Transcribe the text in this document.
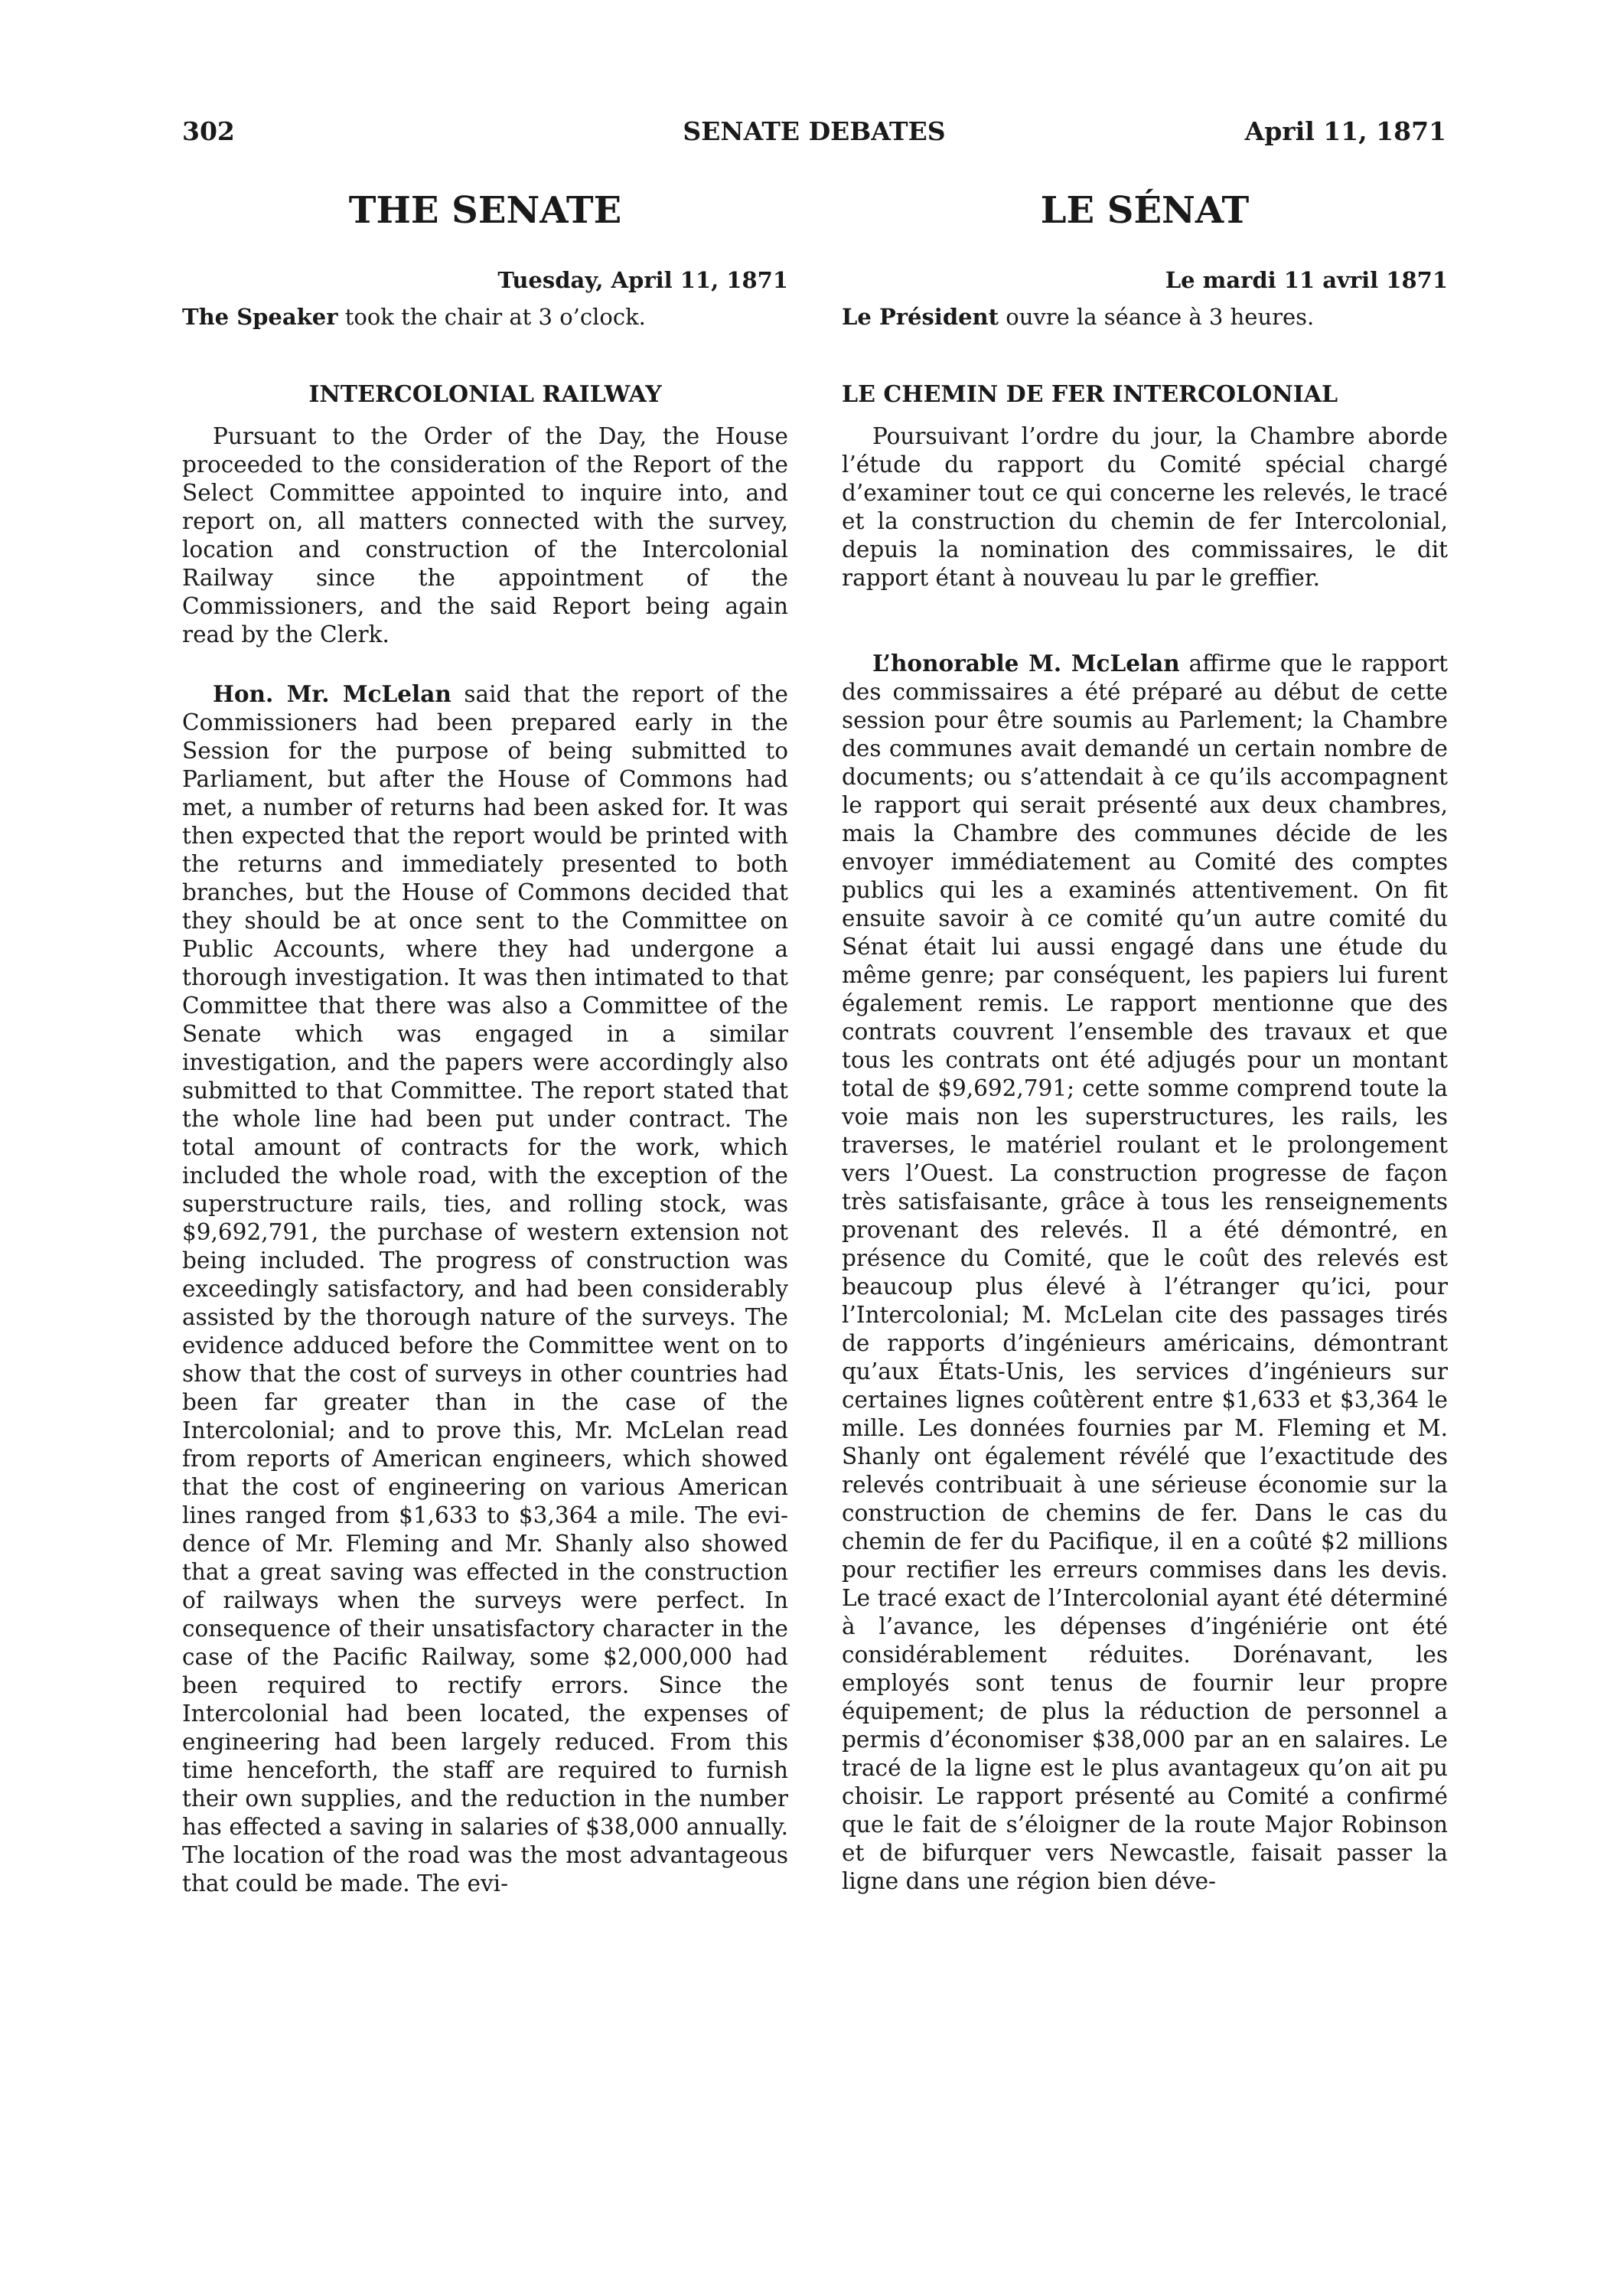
302	SENATE DEBATES	April 11, 1871
THE SENATE
Tuesday, April 11, 1871

The Speaker took the chair at 3 o’clock.

INTERCOLONIAL RAILWAY

Pursuant to the Order of the Day, the House proceeded to the consideration of the Report of the Select Committee appointed to inquire into, and report on, all matters connected with the survey, location and construction of the Intercolonial Railway since the appointment of the Commissioners, and the said Report being again read by the Clerk.

Hon. Mr. McLelan said that the report of the Commissioners had been prepared early in the Session for the purpose of being submitted to Parliament, but after the House of Commons had met, a number of returns had been asked for. It was then expected that the report would be printed with the returns and immediately presented to both branches, but the House of Commons decided that they should be at once sent to the Committee on Public Accounts, where they had undergone a thorough investigation. It was then intimated to that Committee that there was also a Committee of the Senate which was engaged in a similar investigation, and the papers were accordingly also submitted to that Committee. The report stated that the whole line had been put under contract. The total amount of contracts for the work, which included the whole road, with the exception of the superstructure rails, ties, and rolling stock, was $9,692,791, the purchase of western extension not being included. The progress of construction was exceedingly satisfactory, and had been considerably assisted by the thorough nature of the surveys. The evidence adduced before the Committee went on to show that the cost of surveys in other countries had been far greater than in the case of the Intercolonial; and to prove this, Mr. McLelan read from reports of American engineers, which showed that the cost of engineering on various American lines ranged from $1,633 to $3,364 a mile. The evidence of Mr. Fleming and Mr. Shanly also showed that a great saving was effected in the construction of railways when the surveys were perfect. In consequence of their unsatisfactory character in the case of the Pacific Railway, some $2,000,000 had been required to rectify errors. Since the Intercolonial had been located, the expenses of engineering had been largely reduced. From this time henceforth, the staff are required to furnish their own supplies, and the reduction in the number has effected a saving in salaries of $38,000 annually. The location of the road was the most advantageous that could be made. The evi-

LE SÉNAT
Le mardi 11 avril 1871

Le Président ouvre la séance à 3 heures.

LE CHEMIN DE FER INTERCOLONIAL

Poursuivant l’ordre du jour, la Chambre aborde l’étude du rapport du Comité spécial chargé d’examiner tout ce qui concerne les relevés, le tracé et la construction du chemin de fer Intercolonial, depuis la nomination des commissaires, le dit rapport étant à nouveau lu par le greffier.

L’honorable M. McLelan affirme que le rapport des commissaires a été préparé au début de cette session pour être soumis au Parlement; la Chambre des communes avait demandé un certain nombre de documents; ou s’attendait à ce qu’ils accompagnent le rapport qui serait présenté aux deux chambres, mais la Chambre des communes décide de les envoyer immédiatement au Comité des comptes publics qui les a examinés attentivement. On fit ensuite savoir à ce comité qu’un autre comité du Sénat était lui aussi engagé dans une étude du même genre; par conséquent, les papiers lui furent également remis. Le rapport mentionne que des contrats couvrent l’ensemble des travaux et que tous les contrats ont été adjugés pour un montant total de $9,692,791; cette somme comprend toute la voie mais non les superstructures, les rails, les traverses, le matériel roulant et le prolongement vers l’Ouest. La construction progresse de façon très satisfaisante, grâce à tous les renseignements provenant des relevés. Il a été démontré, en présence du Comité, que le coût des relevés est beaucoup plus élevé à l’étranger qu’ici, pour l’Intercolonial; M. McLelan cite des passages tirés de rapports d’ingénieurs américains, démontrant qu’aux États-Unis, les services d’ingénieurs sur certaines lignes coûtèrent entre $1,633 et $3,364 le mille. Les données fournies par M. Fleming et M. Shanly ont également révélé que l’exactitude des relevés contribuait à une sérieuse économie sur la construction de chemins de fer. Dans le cas du chemin de fer du Pacifique, il en a coûté $2 millions pour rectifier les erreurs commises dans les devis. Le tracé exact de l’Intercolonial ayant été déterminé à l’avance, les dépenses d’ingéniérie ont été considérablement réduites. Dorénavant, les employés sont tenus de fournir leur propre équipement; de plus la réduction de personnel a permis d’économiser $38,000 par an en salaires. Le tracé de la ligne est le plus avantageux qu’on ait pu choisir. Le rapport présenté au Comité a confirmé que le fait de s’éloigner de la route Major Robinson et de bifurquer vers Newcastle, faisait passer la ligne dans une région bien déve-
